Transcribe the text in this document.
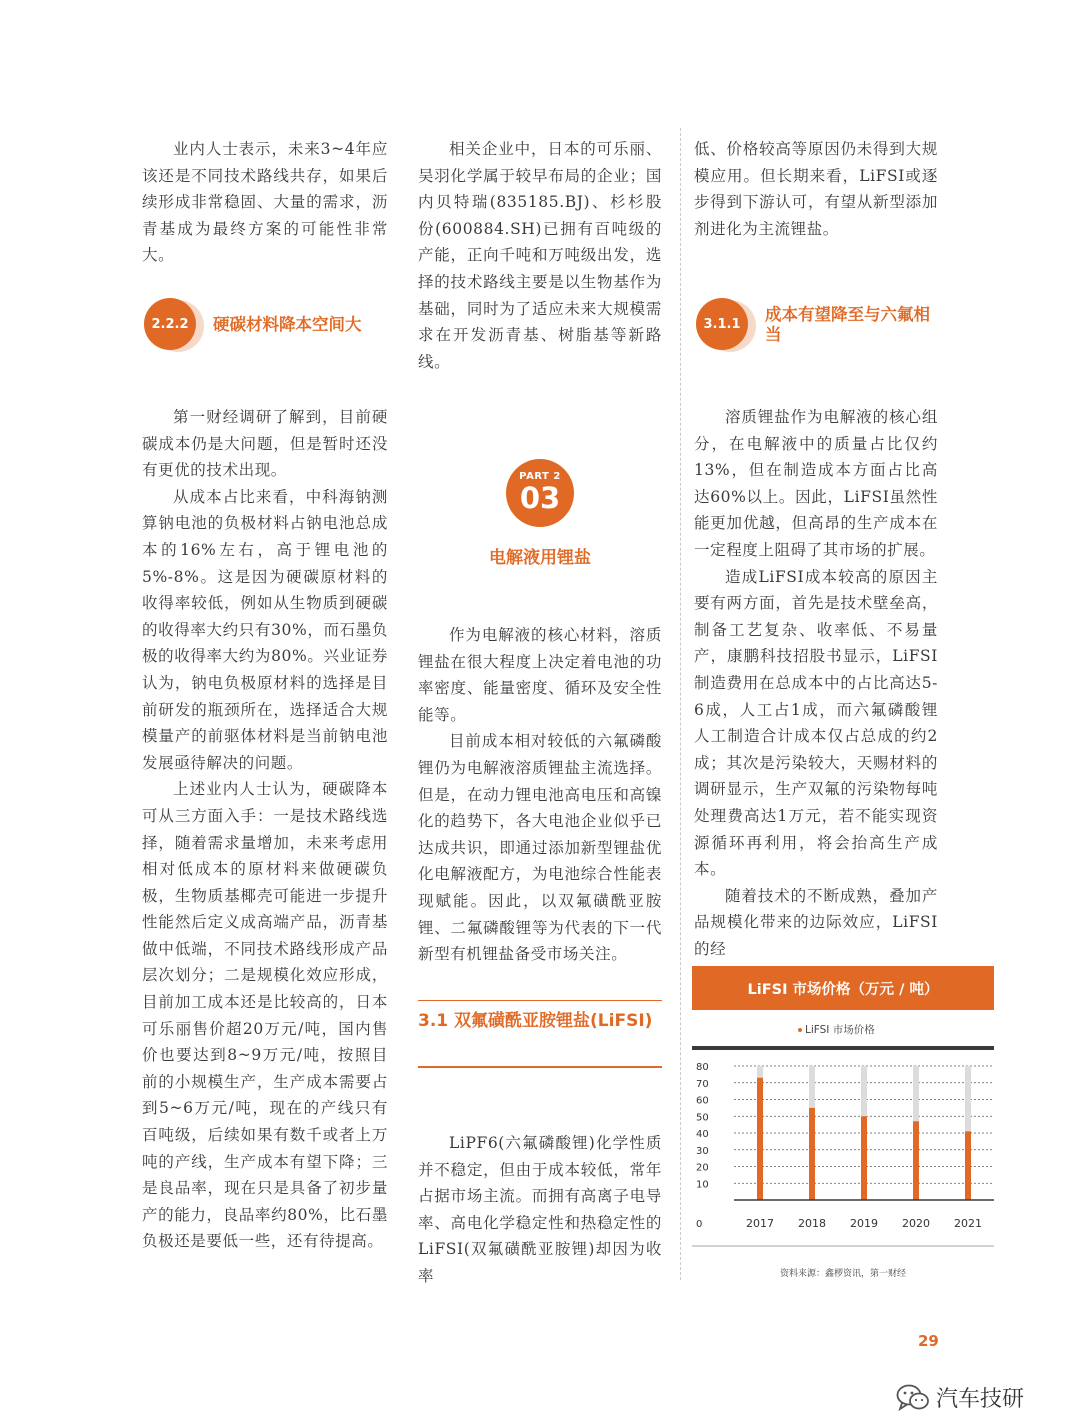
业内人士表示，未来3~4年应该还是不同技术路线共存，如果后续形成非常稳固、大量的需求，沥青基成为最终方案的可能性非常大。

2.2.2	硬碳材料降本空间大

第一财经调研了解到，目前硬碳成本仍是大问题，但是暂时还没有更优的技术出现。

从成本占比来看，中科海钠测算钠电池的负极材料占钠电池总成本的16%左右，高于锂电池的5%-8%。这是因为硬碳原材料的收得率较低，例如从生物质到硬碳的收得率大约只有30%，而石墨负极的收得率大约为80%。兴业证券认为，钠电负极原材料的选择是目前研发的瓶颈所在，选择适合大规模量产的前驱体材料是当前钠电池发展亟待解决的问题。

上述业内人士认为，硬碳降本可从三方面入手：一是技术路线选择，随着需求量增加，未来考虑用相对低成本的原材料来做硬碳负极，生物质基椰壳可能进一步提升性能然后定义成高端产品，沥青基做中低端，不同技术路线形成产品层次划分；二是规模化效应形成，目前加工成本还是比较高的，日本可乐丽售价超20万元/吨，国内售价也要达到8~9万元/吨，按照目前的小规模生产，生产成本需要占到5~6万元/吨，现在的产线只有百吨级，后续如果有数千或者上万吨的产线，生产成本有望下降；三是良品率，现在只是具备了初步量产的能力，良品率约80%，比石墨负极还是要低一些，还有待提高。

相关企业中，日本的可乐丽、吴羽化学属于较早布局的企业；国内贝特瑞(835185.BJ)、杉杉股份(600884.SH)已拥有百吨级的产能，正向千吨和万吨级出发，选择的技术路线主要是以生物基作为基础，同时为了适应未来大规模需求在开发沥青基、树脂基等新路线。

PART 2
03
电解液用锂盐

作为电解液的核心材料，溶质锂盐在很大程度上决定着电池的功率密度、能量密度、循环及安全性能等。

目前成本相对较低的六氟磷酸锂仍为电解液溶质锂盐主流选择。但是，在动力锂电池高电压和高镍化的趋势下，各大电池企业似乎已达成共识，即通过添加新型锂盐优化电解液配方，为电池综合性能表现赋能。因此，以双氟磺酰亚胺锂、二氟磷酸锂等为代表的下一代新型有机锂盐备受市场关注。

3.1 双氟磺酰亚胺锂盐(LiFSI)

LiPF6(六氟磷酸锂)化学性质并不稳定，但由于成本较低，常年占据市场主流。而拥有高离子电导率、高电化学稳定性和热稳定性的LiFSI(双氟磺酰亚胺锂)却因为收率

低、价格较高等原因仍未得到大规模应用。但长期来看，LiFSI或逐步得到下游认可，有望从新型添加剂进化为主流锂盐。

3.1.1	成本有望降至与六氟相当

溶质锂盐作为电解液的核心组分，在电解液中的质量占比仅约13%，但在制造成本方面占比高达60%以上。因此，LiFSI虽然性能更加优越，但高昂的生产成本在一定程度上阻碍了其市场的扩展。

造成LiFSI成本较高的原因主要有两方面，首先是技术壁垒高，制备工艺复杂、收率低、不易量产，康鹏科技招股书显示，LiFSI制造费用在总成本中的占比高达5-6成，人工占1成，而六氟磷酸锂人工制造合计成本仅占总成的约2成；其次是污染较大，天赐材料的调研显示，生产双氟的污染物每吨处理费高达1万元，若不能实现资源循环再利用，将会抬高生产成本。

随着技术的不断成熟，叠加产品规模化带来的边际效应，LiFSI的经

LiFSI 市场价格（万元 / 吨）
LiFSI 市场价格
80
70
60
50
40
30
20
10
0	2017 2018 2019 2020 2021
资料来源：鑫椤资讯，第一财经
29
汽车技研
